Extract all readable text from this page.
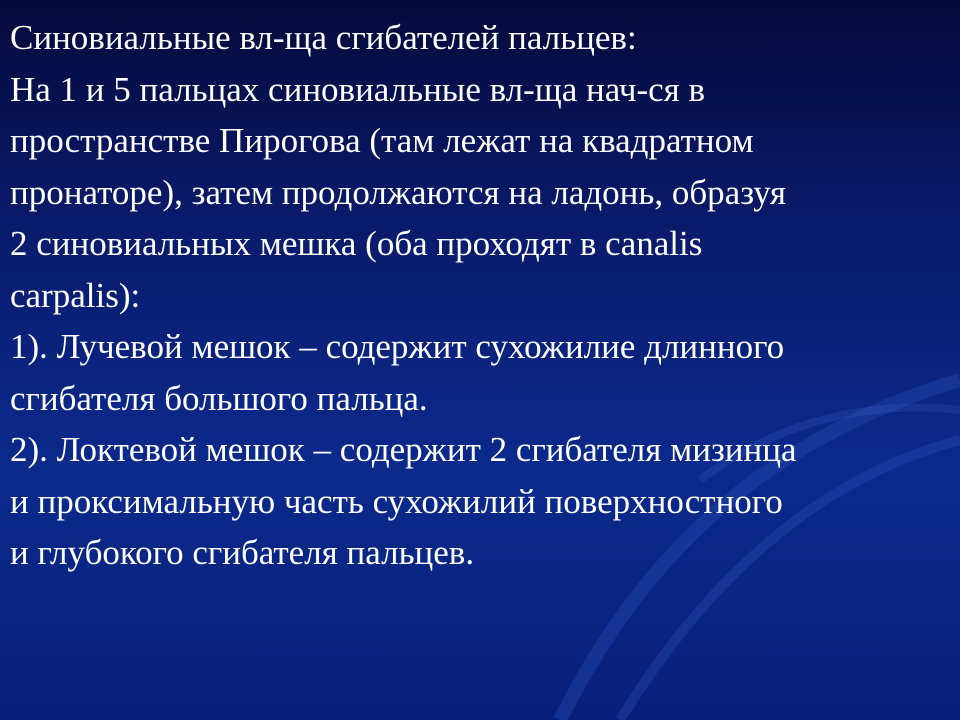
Синовиальные вл-ща сгибателей пальцев:

На 1 и 5 пальцах синовиальные вл-ща нач-ся в
пространстве Пирогова (там лежат на квадратном
пронаторе), затем продолжаются на ладонь, образуя
2 синовиальных мешка (оба проходят в canalis
carpalis):

1). Лучевой мешок – содержит сухожилие длинного
сгибателя большого пальца.

2). Локтевой мешок – содержит 2 сгибателя мизинца
и проксимальную часть сухожилий поверхностного
и глубокого сгибателя пальцев.
